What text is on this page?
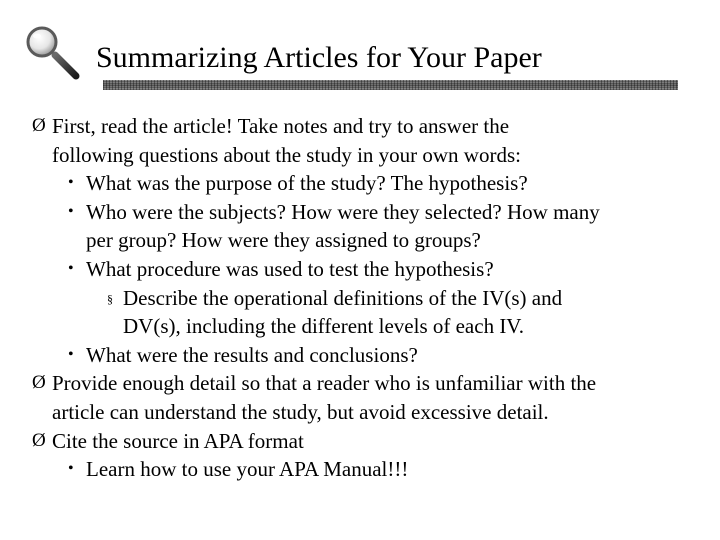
Summarizing Articles for Your Paper
Ø First, read the article! Take notes and try to answer the
following questions about the study in your own words:
• What was the purpose of the study? The hypothesis?
• Who were the subjects? How were they selected? How many
per group? How were they assigned to groups?
• What procedure was used to test the hypothesis?
§ Describe the operational definitions of the IV(s) and
DV(s), including the different levels of each IV.
• What were the results and conclusions?
Ø Provide enough detail so that a reader who is unfamiliar with the
article can understand the study, but avoid excessive detail.
Ø Cite the source in APA format
• Learn how to use your APA Manual!!!
